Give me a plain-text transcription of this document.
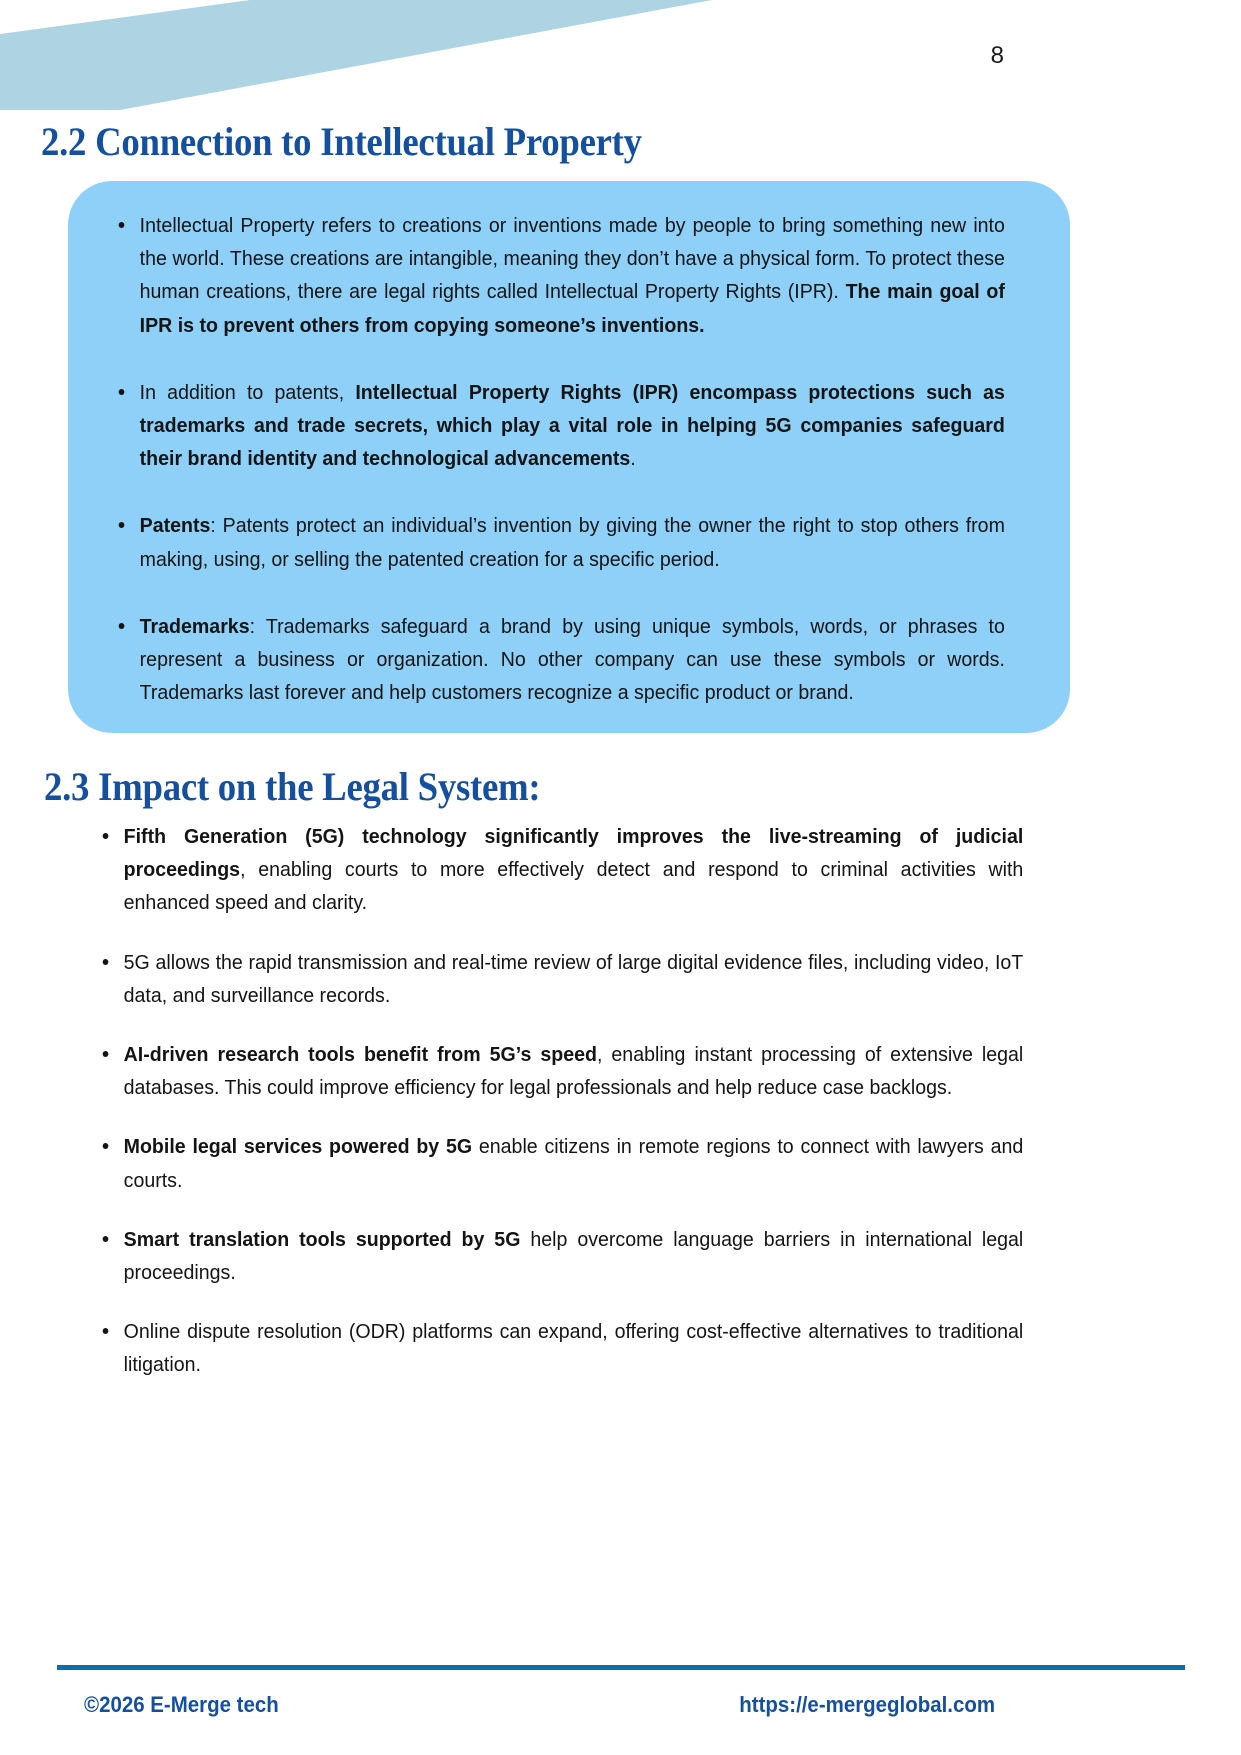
8
2.2 Connection to Intellectual Property
Intellectual Property refers to creations or inventions made by people to bring something new into the world. These creations are intangible, meaning they don’t have a physical form. To protect these human creations, there are legal rights called Intellectual Property Rights (IPR). The main goal of IPR is to prevent others from copying someone’s inventions.
In addition to patents, Intellectual Property Rights (IPR) encompass protections such as trademarks and trade secrets, which play a vital role in helping 5G companies safeguard their brand identity and technological advancements.
Patents: Patents protect an individual’s invention by giving the owner the right to stop others from making, using, or selling the patented creation for a specific period.
Trademarks: Trademarks safeguard a brand by using unique symbols, words, or phrases to represent a business or organization. No other company can use these symbols or words. Trademarks last forever and help customers recognize a specific product or brand.
2.3 Impact on the Legal System:
Fifth Generation (5G) technology significantly improves the live-streaming of judicial proceedings, enabling courts to more effectively detect and respond to criminal activities with enhanced speed and clarity.
5G allows the rapid transmission and real-time review of large digital evidence files, including video, IoT data, and surveillance records.
AI-driven research tools benefit from 5G’s speed, enabling instant processing of extensive legal databases. This could improve efficiency for legal professionals and help reduce case backlogs.
Mobile legal services powered by 5G enable citizens in remote regions to connect with lawyers and courts.
Smart translation tools supported by 5G help overcome language barriers in international legal proceedings.
Online dispute resolution (ODR) platforms can expand, offering cost-effective alternatives to traditional litigation.
©2026 E-Merge tech	https://e-mergeglobal.com
